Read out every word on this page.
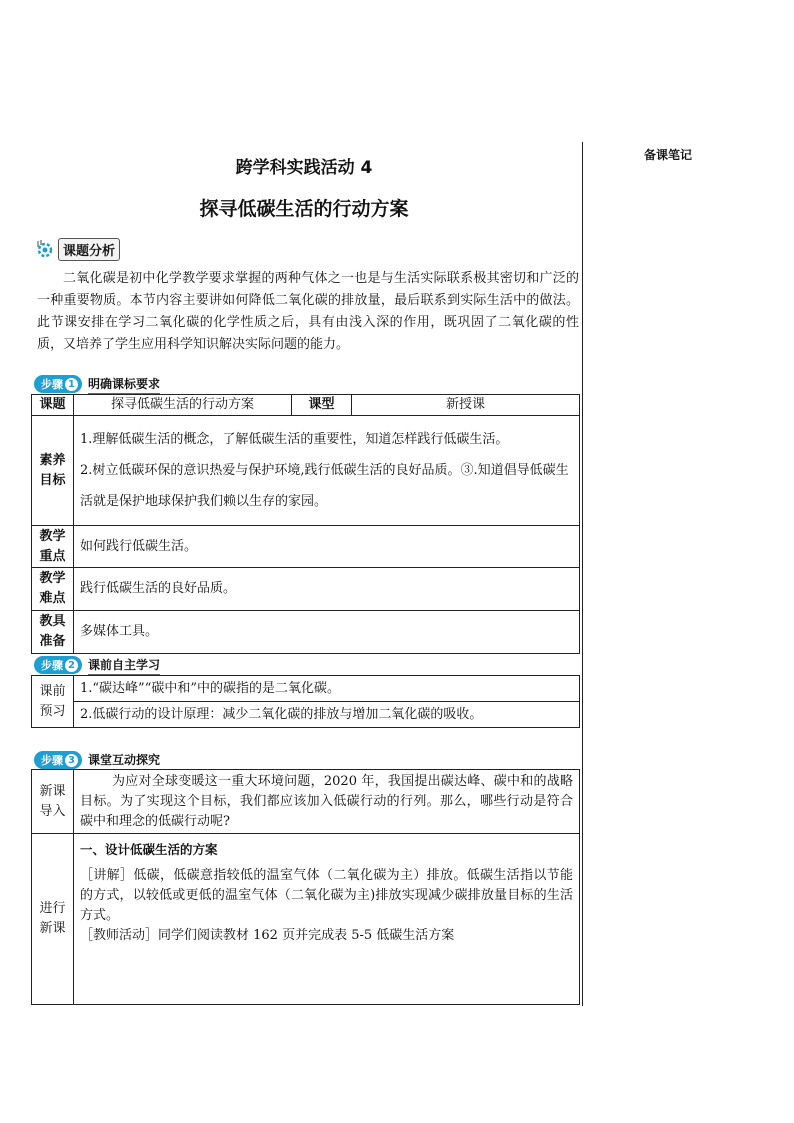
备课笔记
跨学科实践活动 4
探寻低碳生活的行动方案
课题分析

二氧化碳是初中化学教学要求掌握的两种气体之一也是与生活实际联系极其密切和广泛的一种重要物质。本节内容主要讲如何降低二氧化碳的排放量，最后联系到实际生活中的做法。此节课安排在学习二氧化碳的化学性质之后，具有由浅入深的作用，既巩固了二氧化碳的性质，又培养了学生应用科学知识解决实际问题的能力。

步骤 1 明确课标要求
课题	探寻低碳生活的行动方案	课型	新授课
素养目标	1.理解低碳生活的概念，了解低碳生活的重要性，知道怎样践行低碳生活。

2.树立低碳环保的意识热爱与保护环境,践行低碳生活的良好品质。③.知道倡导低碳生活就是保护地球保护我们赖以生存的家园。		

教学重点	如何践行低碳生活。		
教学难点	践行低碳生活的良好品质。		
教具准备	多媒体工具。		
步骤 2 课前自主学习
课前预习	1.“碳达峰”“碳中和”中的碳指的是二氧化碳。
2.低碳行动的设计原理：减少二氧化碳的排放与增加二氧化碳的吸收。
步骤 3 课堂互动探究
新课导入	为应对全球变暖这一重大环境问题，2020 年，我国提出碳达峰、碳中和的战略目标。为了实现这个目标，我们都应该加入低碳行动的行列。那么，哪些行动是符合碳中和理念的低碳行动呢?
进行新课	一、设计低碳生活的方案

［讲解］低碳，低碳意指较低的温室气体（二氧化碳为主）排放。低碳生活指以节能的方式，以较低或更低的温室气体（二氧化碳为主)排放实现减少碳排放量目标的生活方式。

［教师活动］同学们阅读教材 162 页并完成表 5-5 低碳生活方案
